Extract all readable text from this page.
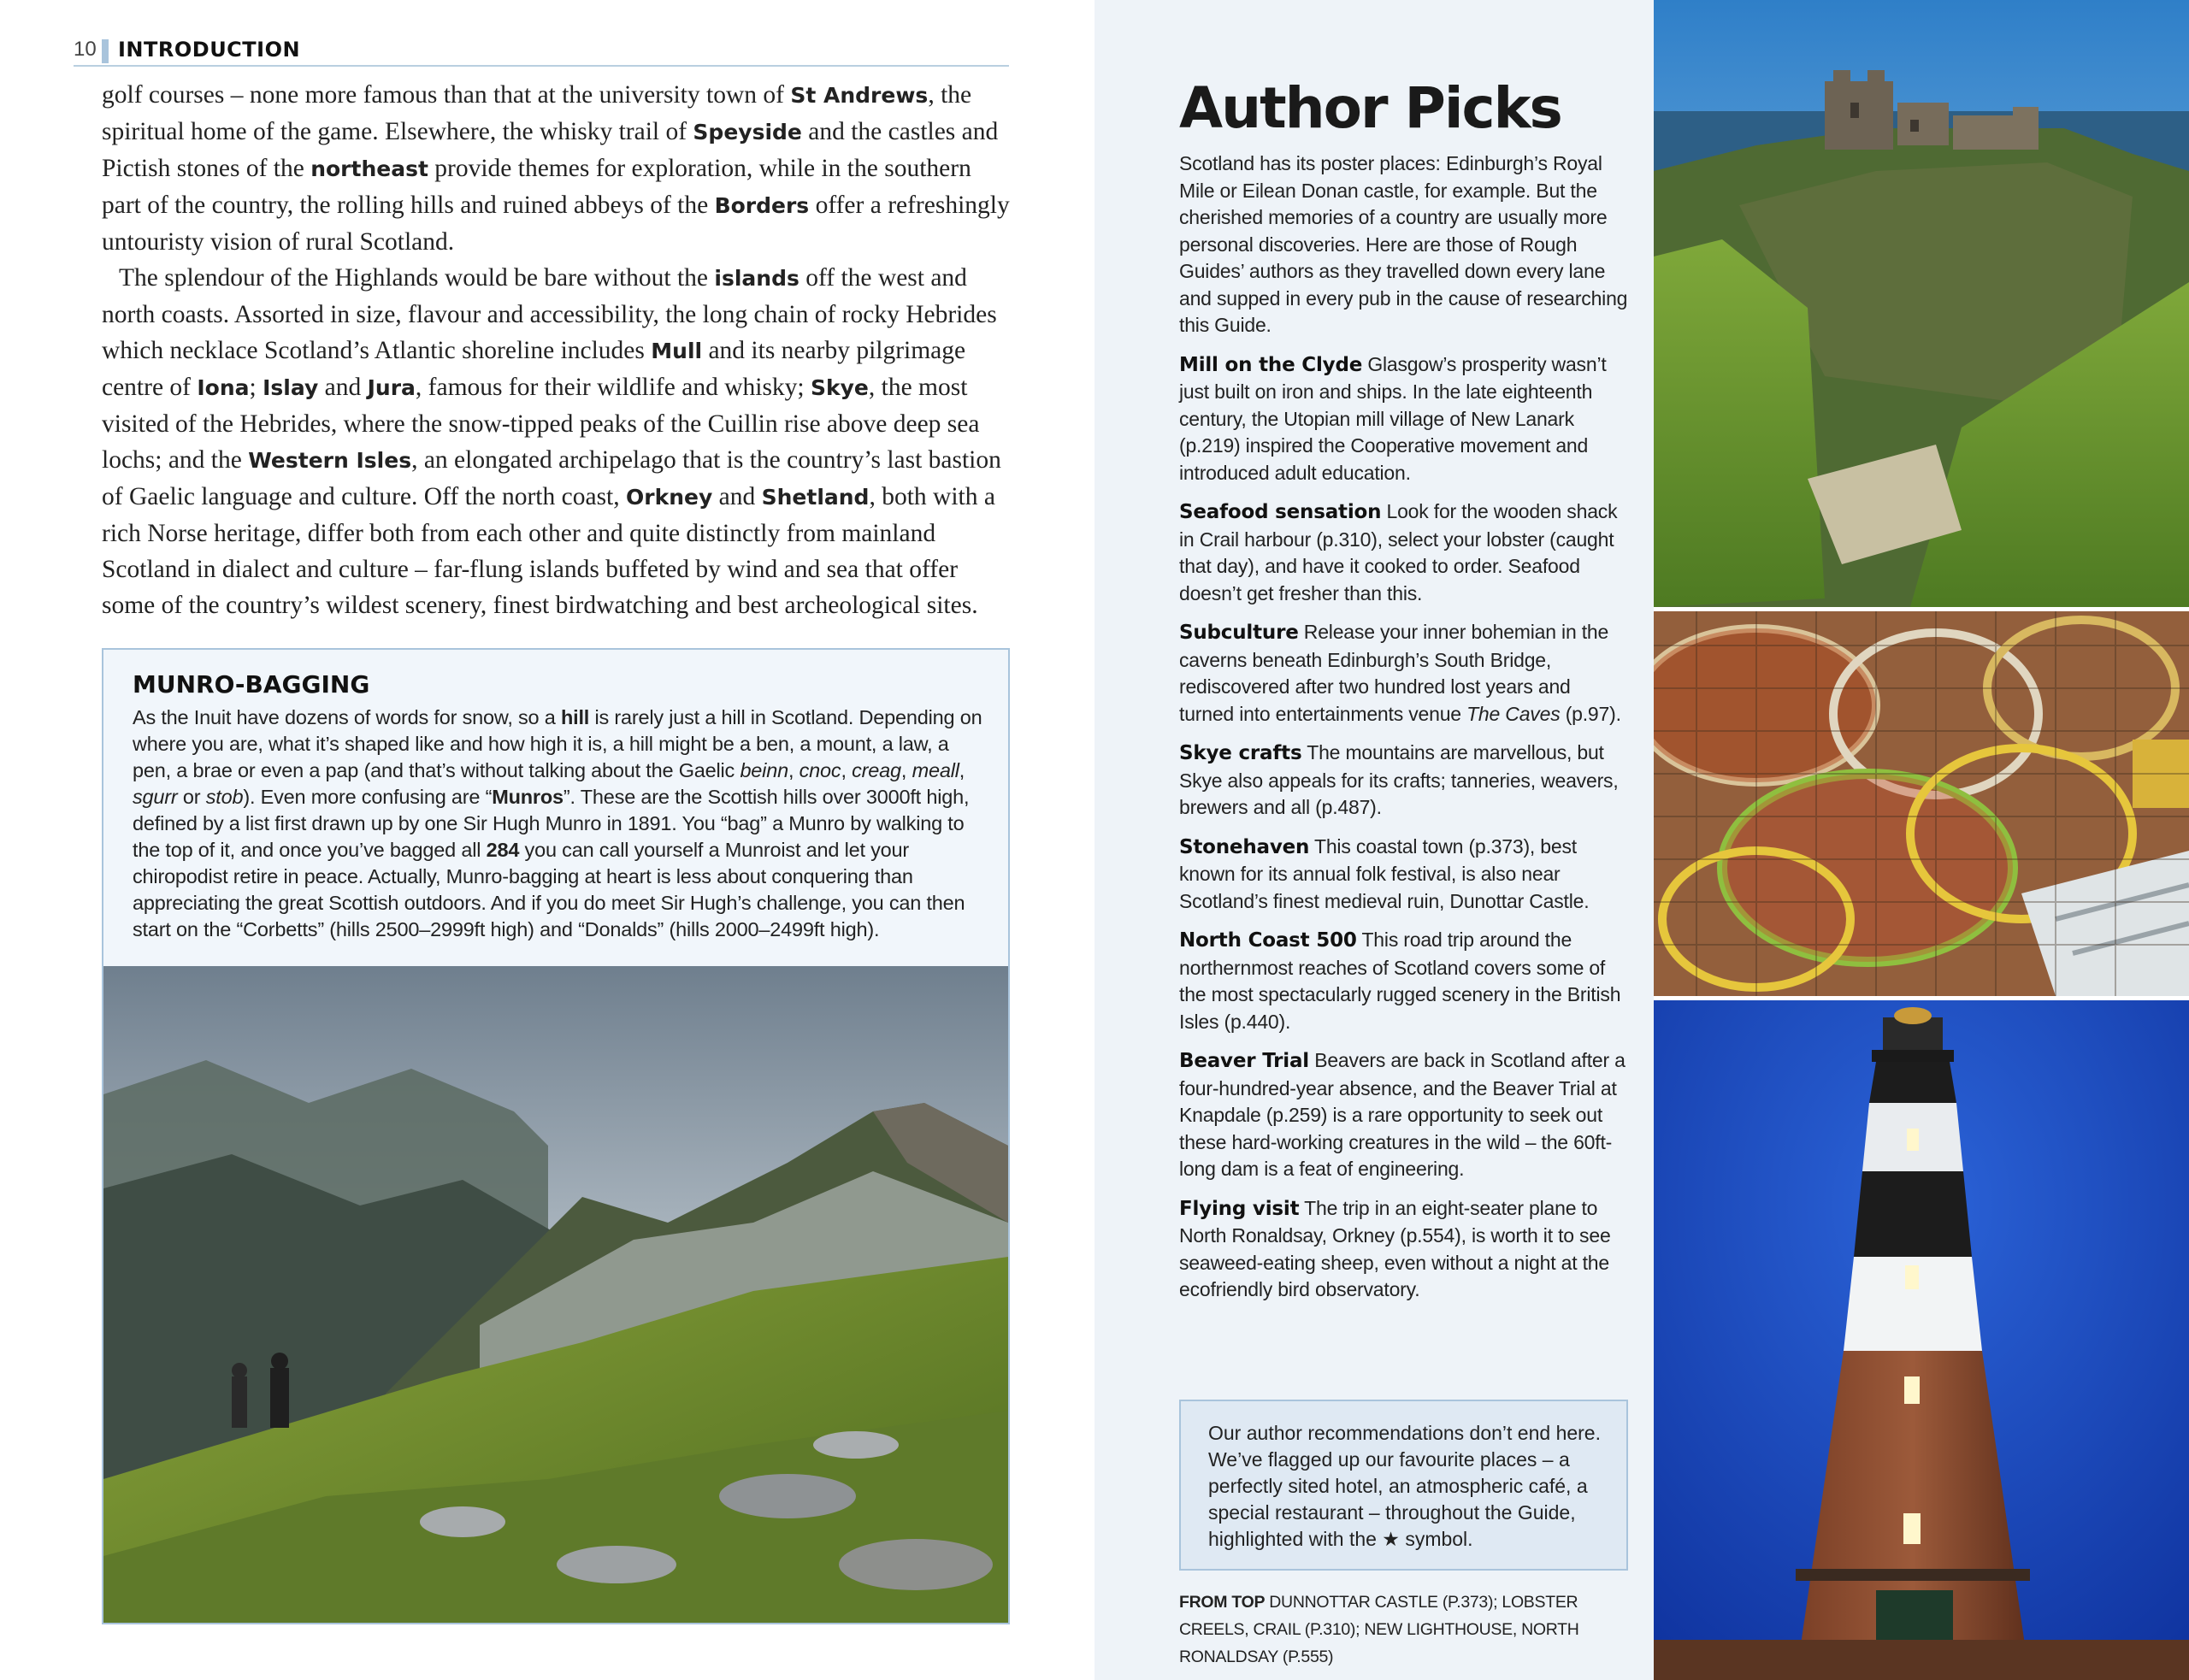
10 INTRODUCTION

golf courses – none more famous than that at the university town of St Andrews, the spiritual home of the game. Elsewhere, the whisky trail of Speyside and the castles and Pictish stones of the northeast provide themes for exploration, while in the southern part of the country, the rolling hills and ruined abbeys of the Borders offer a refreshingly untouristy vision of rural Scotland.

The splendour of the Highlands would be bare without the islands off the west and north coasts. Assorted in size, flavour and accessibility, the long chain of rocky Hebrides which necklace Scotland’s Atlantic shoreline includes Mull and its nearby pilgrimage centre of Iona; Islay and Jura, famous for their wildlife and whisky; Skye, the most visited of the Hebrides, where the snow-tipped peaks of the Cuillin rise above deep sea lochs; and the Western Isles, an elongated archipelago that is the country’s last bastion of Gaelic language and culture. Off the north coast, Orkney and Shetland, both with a rich Norse heritage, differ both from each other and quite distinctly from mainland Scotland in dialect and culture – far-flung islands buffeted by wind and sea that offer some of the country’s wildest scenery, finest birdwatching and best archeological sites.

MUNRO-BAGGING
As the Inuit have dozens of words for snow, so a hill is rarely just a hill in Scotland. Depending on where you are, what it’s shaped like and how high it is, a hill might be a ben, a mount, a law, a pen, a brae or even a pap (and that’s without talking about the Gaelic beinn, cnoc, creag, meall, sgurr or stob). Even more confusing are “Munros”. These are the Scottish hills over 3000ft high, defined by a list first drawn up by one Sir Hugh Munro in 1891. You “bag” a Munro by walking to the top of it, and once you’ve bagged all 284 you can call yourself a Munroist and let your chiropodist retire in peace. Actually, Munro-bagging at heart is less about conquering than appreciating the great Scottish outdoors. And if you do meet Sir Hugh’s challenge, you can then start on the “Corbetts” (hills 2500–2999ft high) and “Donalds” (hills 2000–2499ft high).
Author Picks

Scotland has its poster places: Edinburgh’s Royal Mile or Eilean Donan castle, for example. But the cherished memories of a country are usually more personal discoveries. Here are those of Rough Guides’ authors as they travelled down every lane and supped in every pub in the cause of researching this Guide.

Mill on the Clyde Glasgow’s prosperity wasn’t just built on iron and ships. In the late eighteenth century, the Utopian mill village of New Lanark (p.219) inspired the Cooperative movement and introduced adult education.

Seafood sensation Look for the wooden shack in Crail harbour (p.310), select your lobster (caught that day), and have it cooked to order. Seafood doesn’t get fresher than this.

Subculture Release your inner bohemian in the caverns beneath Edinburgh’s South Bridge, rediscovered after two hundred lost years and turned into entertainments venue The Caves (p.97).

Skye crafts The mountains are marvellous, but Skye also appeals for its crafts; tanneries, weavers, brewers and all (p.487).

Stonehaven This coastal town (p.373), best known for its annual folk festival, is also near Scotland’s finest medieval ruin, Dunottar Castle.

North Coast 500 This road trip around the northernmost reaches of Scotland covers some of the most spectacularly rugged scenery in the British Isles (p.440).

Beaver Trial Beavers are back in Scotland after a four-hundred-year absence, and the Beaver Trial at Knapdale (p.259) is a rare opportunity to seek out these hard-working creatures in the wild – the 60ft-long dam is a feat of engineering.

Flying visit The trip in an eight-seater plane to North Ronaldsay, Orkney (p.554), is worth it to see seaweed-eating sheep, even without a night at the ecofriendly bird observatory.

Our author recommendations don’t end here. We’ve flagged up our favourite places – a perfectly sited hotel, an atmospheric café, a special restaurant – throughout the Guide, highlighted with the ★ symbol.
FROM TOP DUNNOTTAR CASTLE (P.373); LOBSTER CREELS, CRAIL (P.310); NEW LIGHTHOUSE, NORTH RONALDSAY (P.555)
